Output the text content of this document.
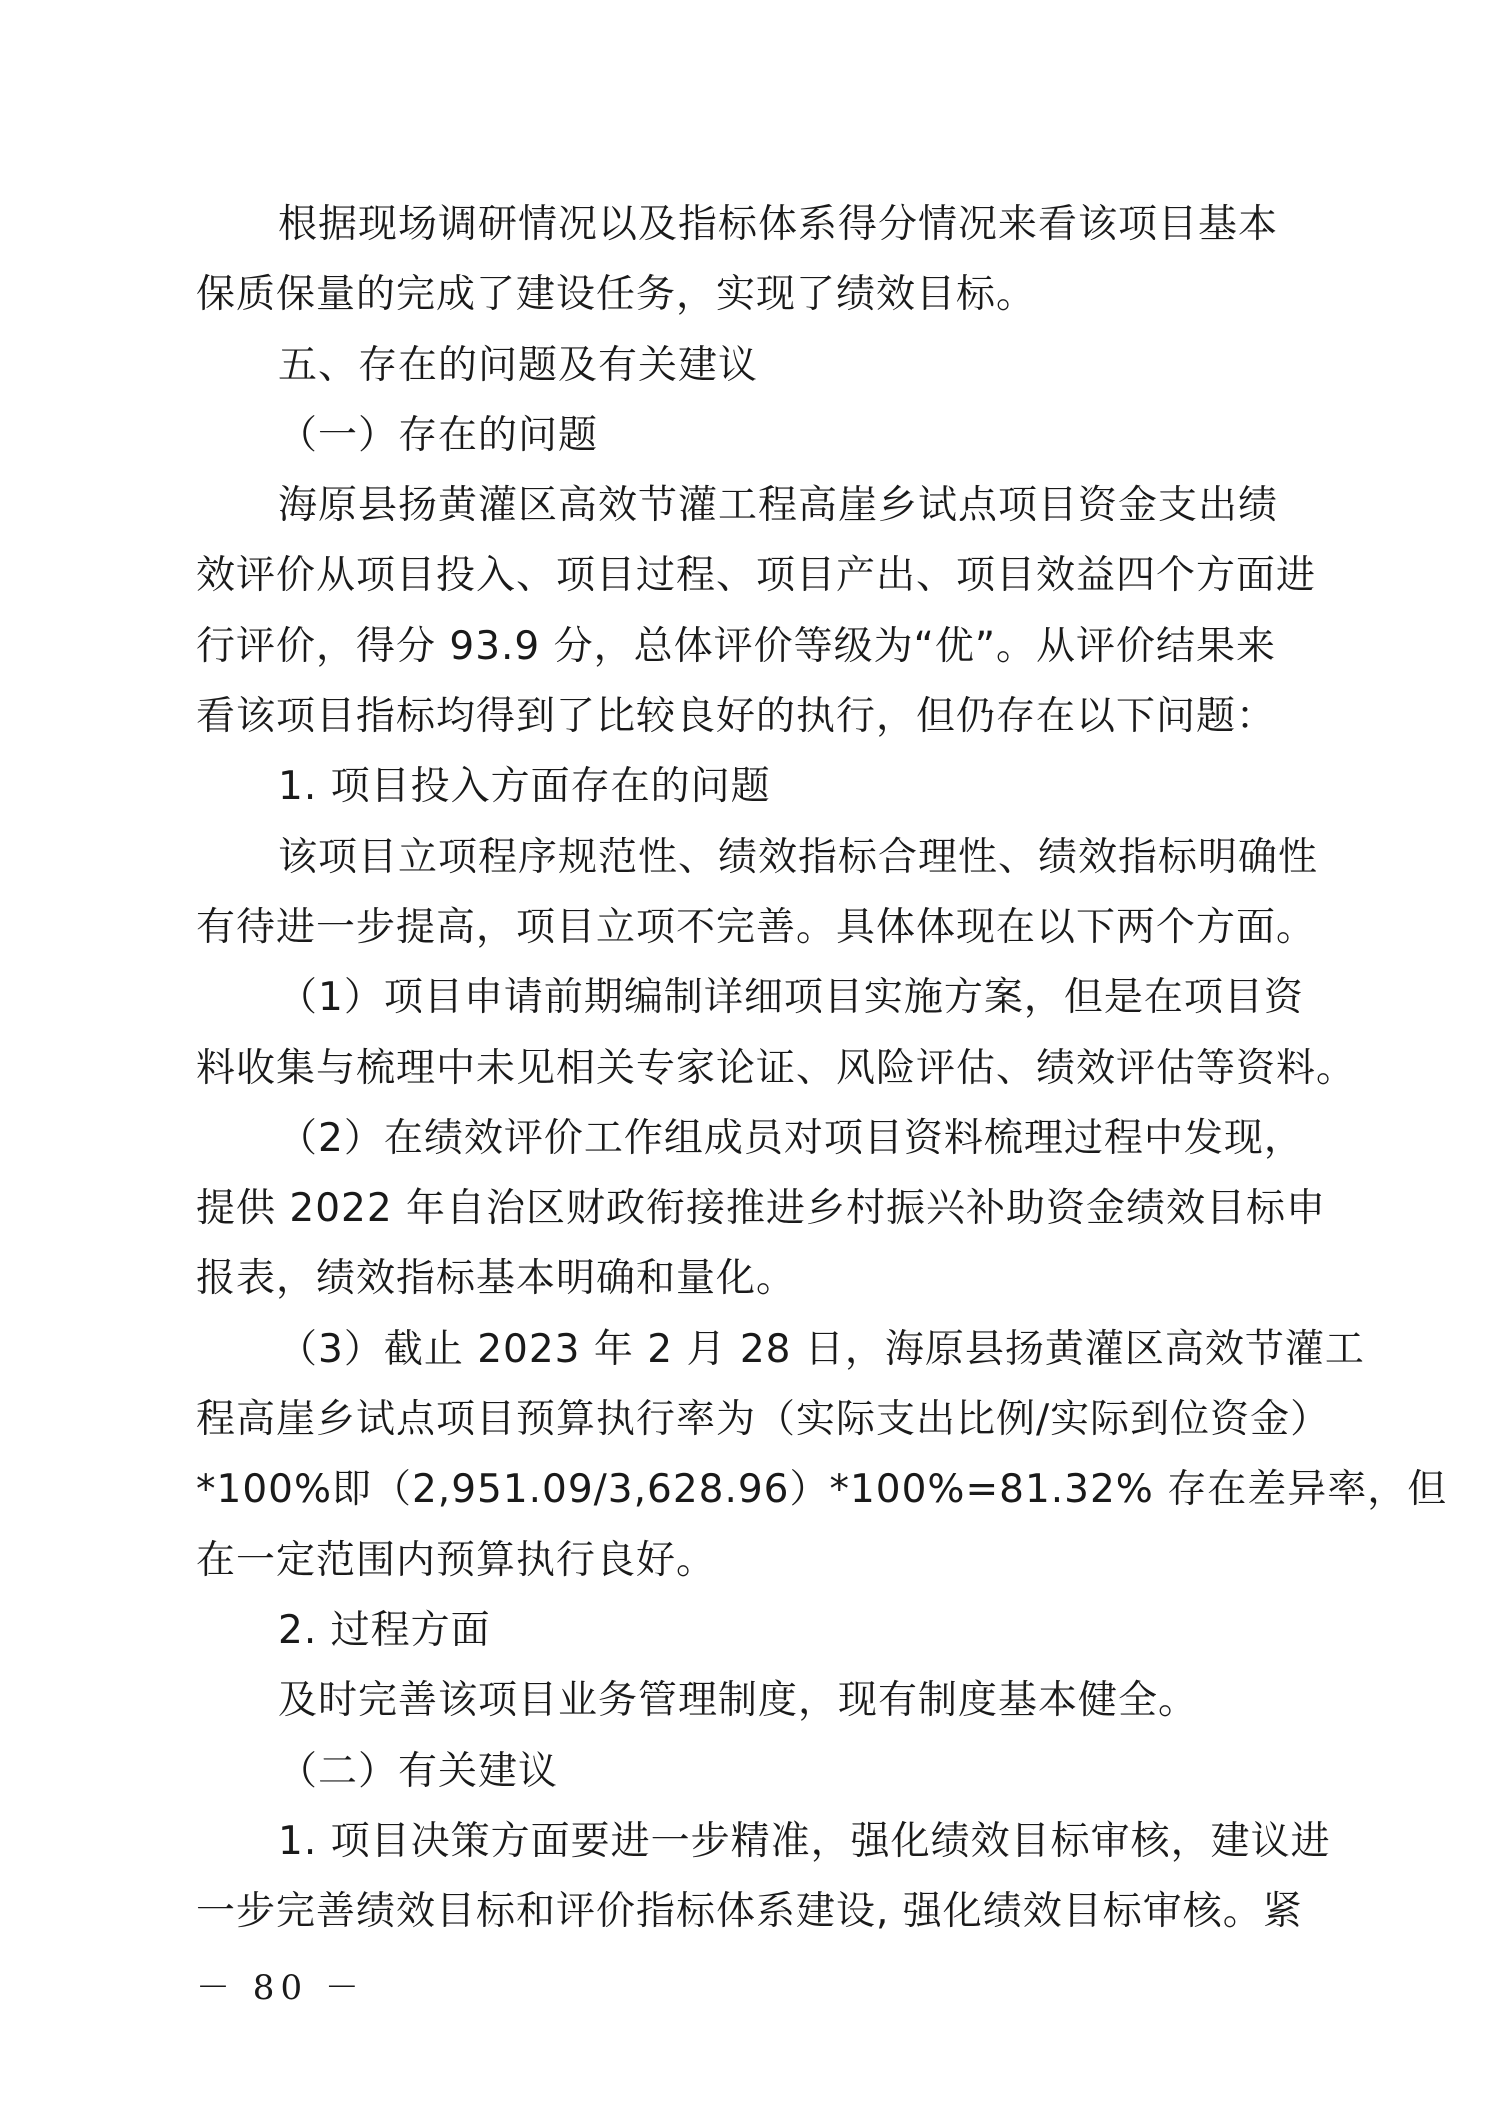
根据现场调研情况以及指标体系得分情况来看该项目基本
保质保量的完成了建设任务，实现了绩效目标。
五、存在的问题及有关建议
（一）存在的问题
海原县扬黄灌区高效节灌工程高崖乡试点项目资金支出绩
效评价从项目投入、项目过程、项目产出、项目效益四个方面进
行评价，得分 93.9 分，总体评价等级为“优”。从评价结果来
看该项目指标均得到了比较良好的执行，但仍存在以下问题：
1. 项目投入方面存在的问题
该项目立项程序规范性、绩效指标合理性、绩效指标明确性
有待进一步提高，项目立项不完善。具体体现在以下两个方面。
（1）项目申请前期编制详细项目实施方案，但是在项目资
料收集与梳理中未见相关专家论证、风险评估、绩效评估等资料。
（2）在绩效评价工作组成员对项目资料梳理过程中发现，
提供 2022 年自治区财政衔接推进乡村振兴补助资金绩效目标申
报表，绩效指标基本明确和量化。
（3）截止 2023 年 2 月 28 日，海原县扬黄灌区高效节灌工
程高崖乡试点项目预算执行率为（实际支出比例/实际到位资金）
*100%即（2,951.09/3,628.96）*100%=81.32% 存在差异率，但
在一定范围内预算执行良好。
2. 过程方面
及时完善该项目业务管理制度，现有制度基本健全。
（二）有关建议
1. 项目决策方面要进一步精准，强化绩效目标审核，建议进
一步完善绩效目标和评价指标体系建设, 强化绩效目标审核。紧
－ 80 －
